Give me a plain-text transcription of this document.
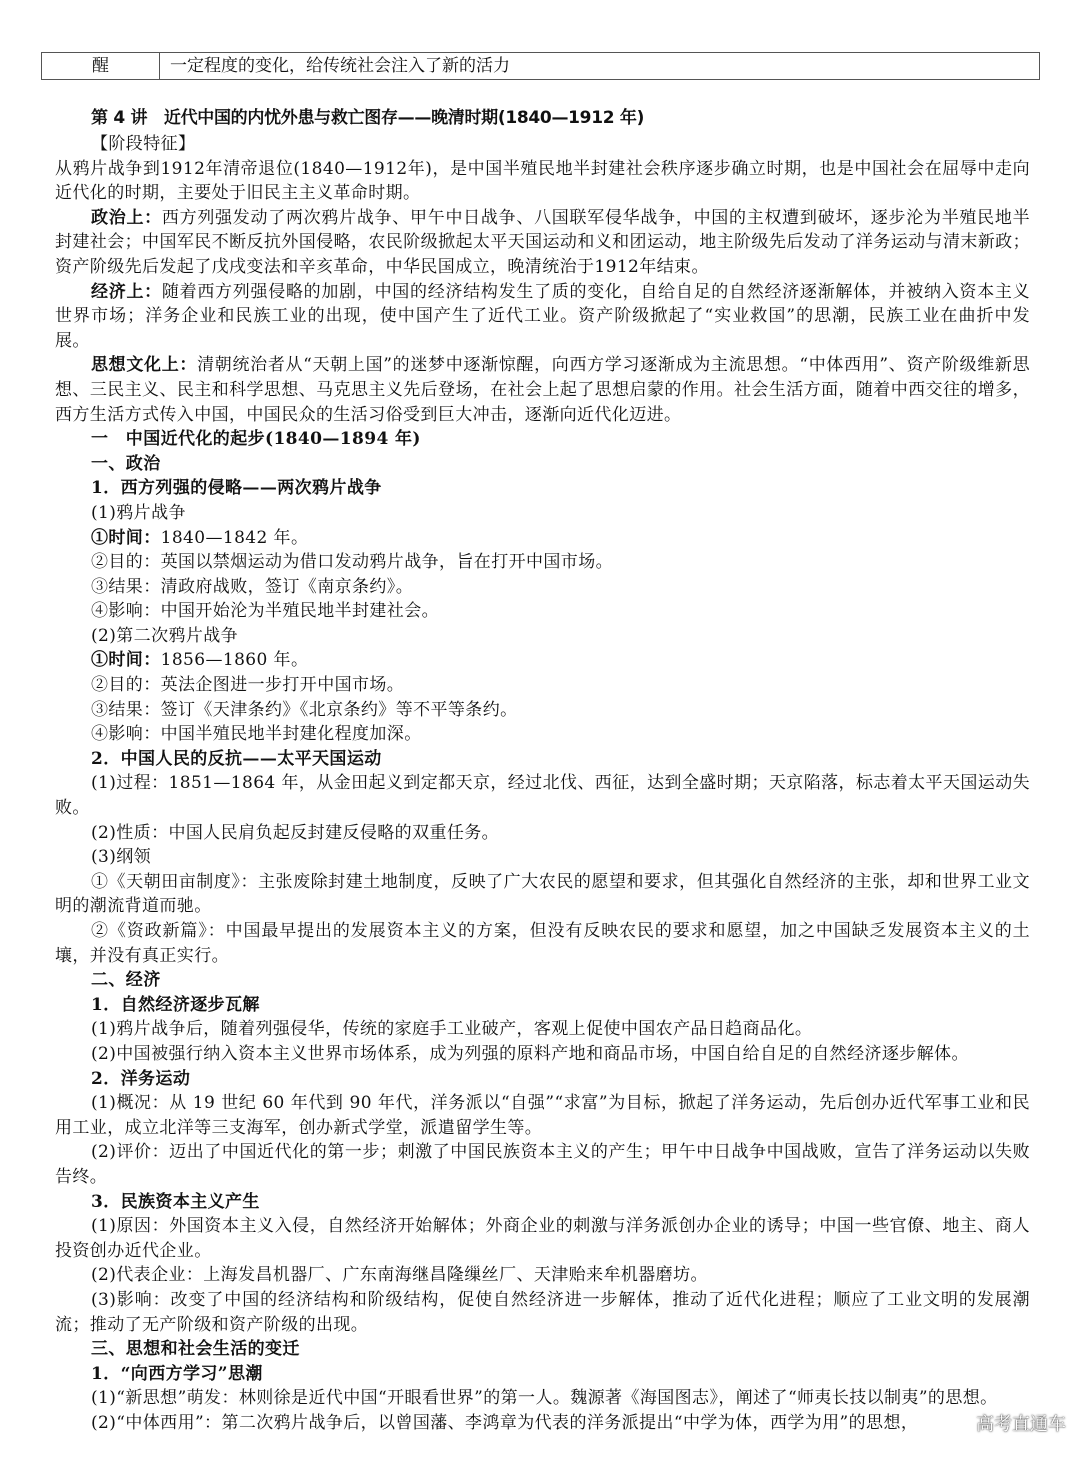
醒	一定程度的变化，给传统社会注入了新的活力
第 4 讲　近代中国的内忧外患与救亡图存——晚清时期(1840—1912 年)

【阶段特征】

从鸦片战争到1912年清帝退位(1840—1912年)，是中国半殖民地半封建社会秩序逐步确立时期，也是中国社会在屈辱中走向近代化的时期，主要处于旧民主主义革命时期。

政治上：西方列强发动了两次鸦片战争、甲午中日战争、八国联军侵华战争，中国的主权遭到破坏，逐步沦为半殖民地半封建社会；中国军民不断反抗外国侵略，农民阶级掀起太平天国运动和义和团运动，地主阶级先后发动了洋务运动与清末新政；资产阶级先后发起了戊戌变法和辛亥革命，中华民国成立，晚清统治于1912年结束。

经济上：随着西方列强侵略的加剧，中国的经济结构发生了质的变化，自给自足的自然经济逐渐解体，并被纳入资本主义世界市场；洋务企业和民族工业的出现，使中国产生了近代工业。资产阶级掀起了“实业救国”的思潮，民族工业在曲折中发展。

思想文化上：清朝统治者从“天朝上国”的迷梦中逐渐惊醒，向西方学习逐渐成为主流思想。“中体西用”、资产阶级维新思想、三民主义、民主和科学思想、马克思主义先后登场，在社会上起了思想启蒙的作用。社会生活方面，随着中西交往的增多，西方生活方式传入中国，中国民众的生活习俗受到巨大冲击，逐渐向近代化迈进。

一　中国近代化的起步(1840—1894 年)

一、政治

1．西方列强的侵略——两次鸦片战争

(1)鸦片战争

①时间：1840—1842 年。

②目的：英国以禁烟运动为借口发动鸦片战争，旨在打开中国市场。

③结果：清政府战败，签订《南京条约》。

④影响：中国开始沦为半殖民地半封建社会。

(2)第二次鸦片战争

①时间：1856—1860 年。

②目的：英法企图进一步打开中国市场。

③结果：签订《天津条约》《北京条约》等不平等条约。

④影响：中国半殖民地半封建化程度加深。

2．中国人民的反抗——太平天国运动

(1)过程：1851—1864 年，从金田起义到定都天京，经过北伐、西征，达到全盛时期；天京陷落，标志着太平天国运动失败。

(2)性质：中国人民肩负起反封建反侵略的双重任务。

(3)纲领

①《天朝田亩制度》：主张废除封建土地制度，反映了广大农民的愿望和要求，但其强化自然经济的主张，却和世界工业文明的潮流背道而驰。

②《资政新篇》：中国最早提出的发展资本主义的方案，但没有反映农民的要求和愿望，加之中国缺乏发展资本主义的土壤，并没有真正实行。

二、经济

1．自然经济逐步瓦解

(1)鸦片战争后，随着列强侵华，传统的家庭手工业破产，客观上促使中国农产品日趋商品化。

(2)中国被强行纳入资本主义世界市场体系，成为列强的原料产地和商品市场，中国自给自足的自然经济逐步解体。

2．洋务运动

(1)概况：从 19 世纪 60 年代到 90 年代，洋务派以“自强”“求富”为目标，掀起了洋务运动，先后创办近代军事工业和民用工业，成立北洋等三支海军，创办新式学堂，派遣留学生等。

(2)评价：迈出了中国近代化的第一步；刺激了中国民族资本主义的产生；甲午中日战争中国战败，宣告了洋务运动以失败告终。

3．民族资本主义产生

(1)原因：外国资本主义入侵，自然经济开始解体；外商企业的刺激与洋务派创办企业的诱导；中国一些官僚、地主、商人投资创办近代企业。

(2)代表企业：上海发昌机器厂、广东南海继昌隆缫丝厂、天津贻来牟机器磨坊。

(3)影响：改变了中国的经济结构和阶级结构，促使自然经济进一步解体，推动了近代化进程；顺应了工业文明的发展潮流；推动了无产阶级和资产阶级的出现。

三、思想和社会生活的变迁

1．“向西方学习”思潮

(1)“新思想”萌发：林则徐是近代中国“开眼看世界”的第一人。魏源著《海国图志》，阐述了“师夷长技以制夷”的思想。

(2)“中体西用”：第二次鸦片战争后，以曾国藩、李鸿章为代表的洋务派提出“中学为体，西学为用”的思想，	高考直通车
